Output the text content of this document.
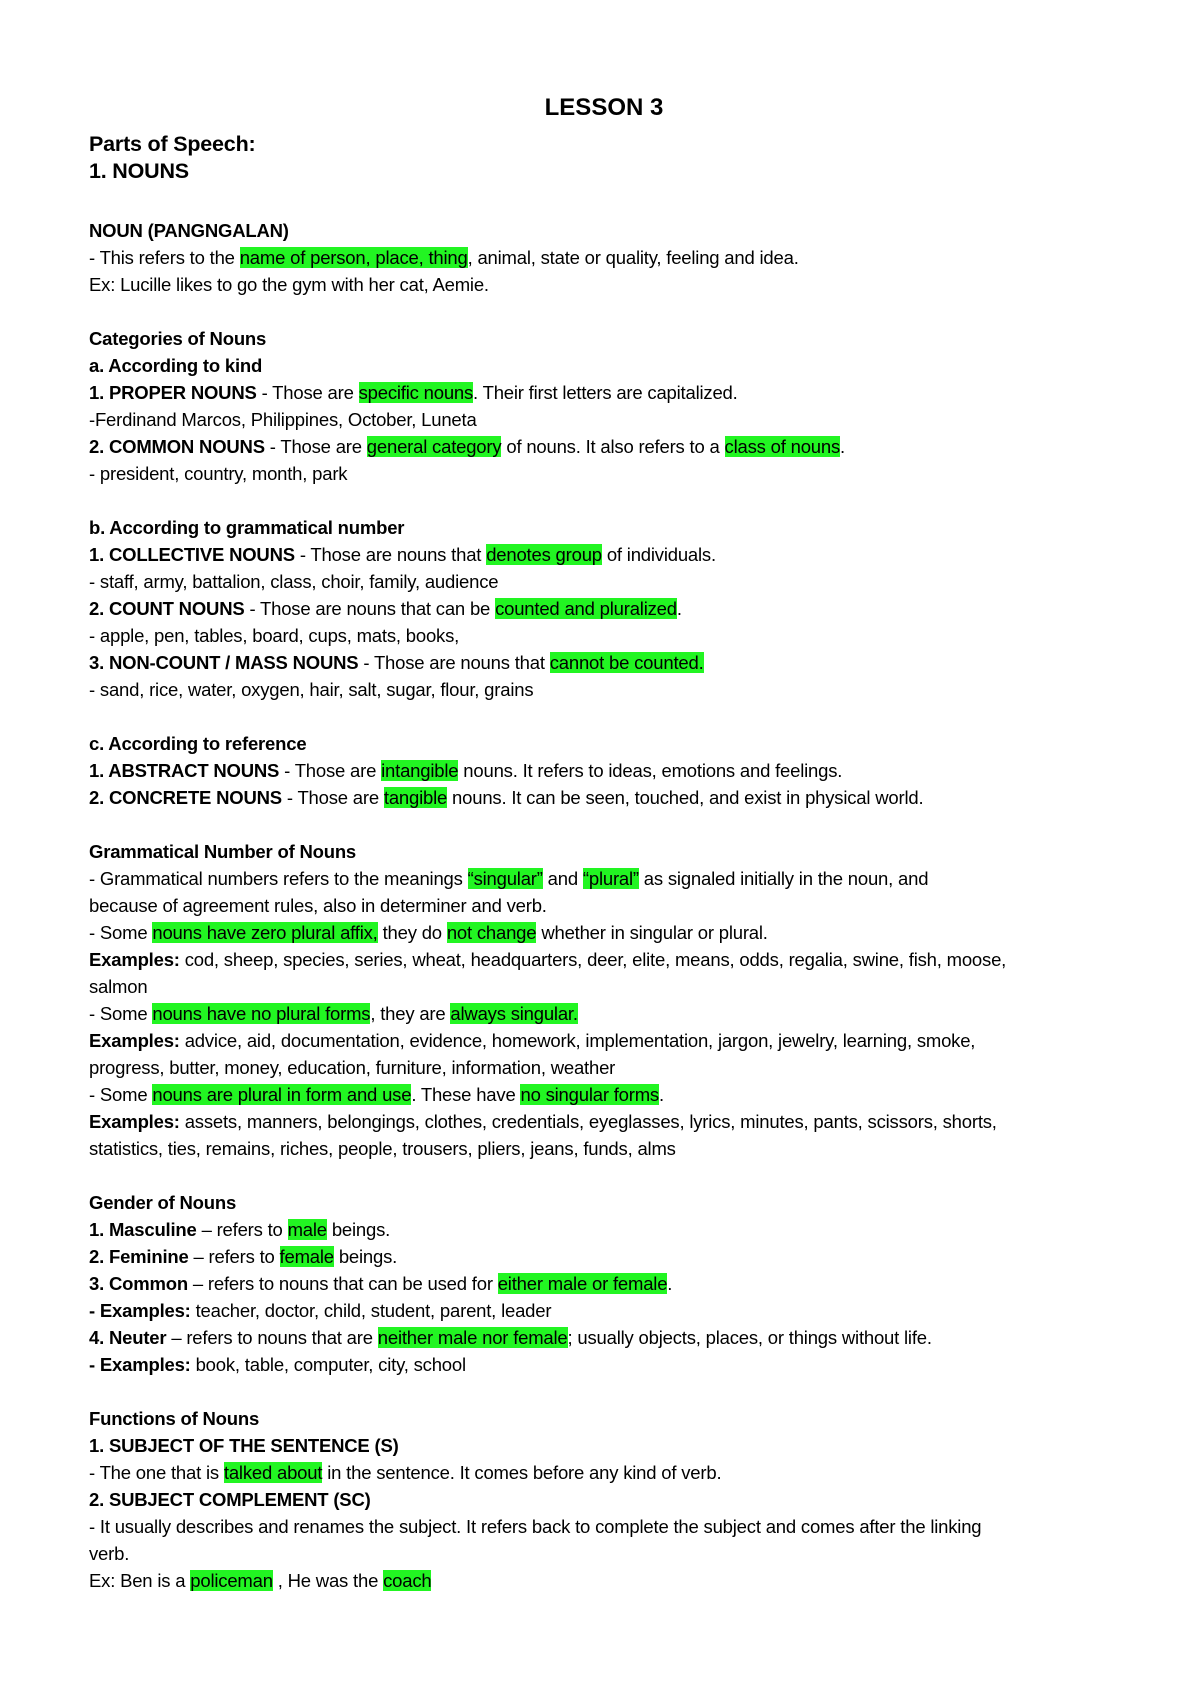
LESSON 3
Parts of Speech:
1. NOUNS
NOUN (PANGNGALAN)
- This refers to the name of person, place, thing, animal, state or quality, feeling and idea.
Ex: Lucille likes to go the gym with her cat, Aemie.
Categories of Nouns
a. According to kind
1. PROPER NOUNS - Those are specific nouns. Their first letters are capitalized.
-Ferdinand Marcos, Philippines, October, Luneta
2. COMMON NOUNS - Those are general category of nouns. It also refers to a class of nouns.
- president, country, month, park
b. According to grammatical number
1. COLLECTIVE NOUNS - Those are nouns that denotes group of individuals.
- staff, army, battalion, class, choir, family, audience
2. COUNT NOUNS - Those are nouns that can be counted and pluralized.
- apple, pen, tables, board, cups, mats, books,
3. NON-COUNT / MASS NOUNS - Those are nouns that cannot be counted.
- sand, rice, water, oxygen, hair, salt, sugar, flour, grains
c. According to reference
1. ABSTRACT NOUNS - Those are intangible nouns. It refers to ideas, emotions and feelings.
2. CONCRETE NOUNS - Those are tangible nouns. It can be seen, touched, and exist in physical world.
Grammatical Number of Nouns
- Grammatical numbers refers to the meanings “singular” and “plural” as signaled initially in the noun, and
because of agreement rules, also in determiner and verb.
- Some nouns have zero plural affix, they do not change whether in singular or plural.
Examples: cod, sheep, species, series, wheat, headquarters, deer, elite, means, odds, regalia, swine, fish, moose,
salmon
- Some nouns have no plural forms, they are always singular.
Examples: advice, aid, documentation, evidence, homework, implementation, jargon, jewelry, learning, smoke,
progress, butter, money, education, furniture, information, weather
- Some nouns are plural in form and use. These have no singular forms.
Examples: assets, manners, belongings, clothes, credentials, eyeglasses, lyrics, minutes, pants, scissors, shorts,
statistics, ties, remains, riches, people, trousers, pliers, jeans, funds, alms
Gender of Nouns
1. Masculine – refers to male beings.
2. Feminine – refers to female beings.
3. Common – refers to nouns that can be used for either male or female.
- Examples: teacher, doctor, child, student, parent, leader
4. Neuter – refers to nouns that are neither male nor female; usually objects, places, or things without life.
- Examples: book, table, computer, city, school
Functions of Nouns
1. SUBJECT OF THE SENTENCE (S)
- The one that is talked about in the sentence. It comes before any kind of verb.
2. SUBJECT COMPLEMENT (SC)
- It usually describes and renames the subject. It refers back to complete the subject and comes after the linking
verb.
Ex: Ben is a policeman , He was the coach
